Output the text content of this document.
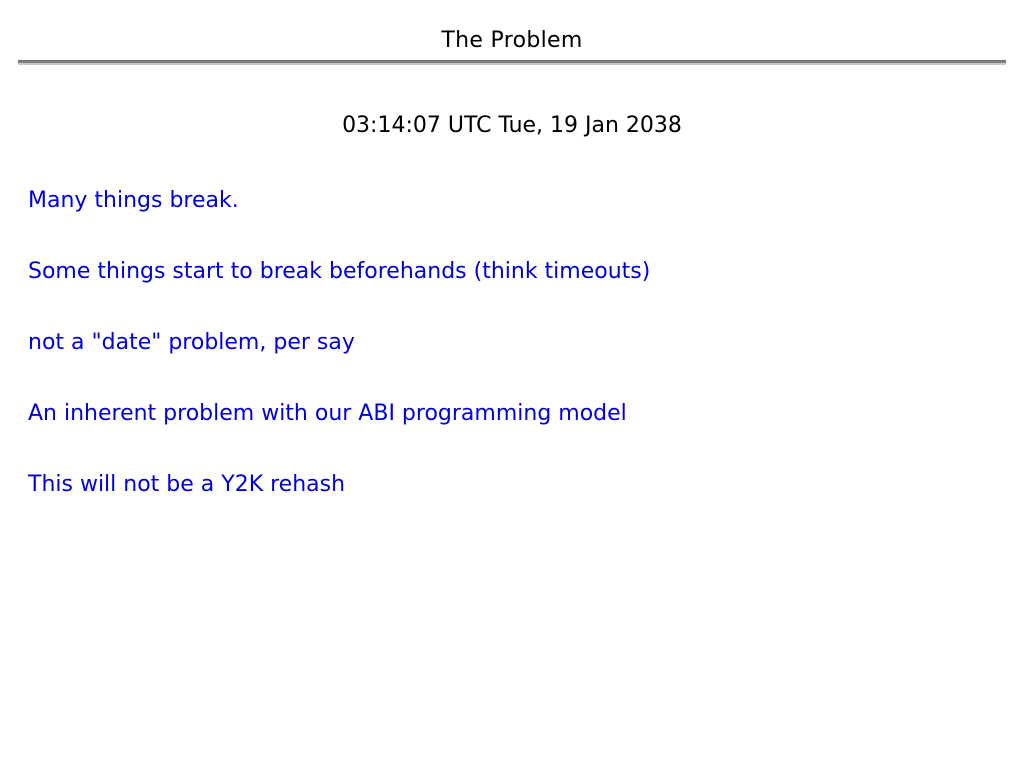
The Problem
03:14:07 UTC Tue, 19 Jan 2038
Many things break.
Some things start to break beforehands (think timeouts)
not a "date" problem, per say
An inherent problem with our ABI programming model
This will not be a Y2K rehash
